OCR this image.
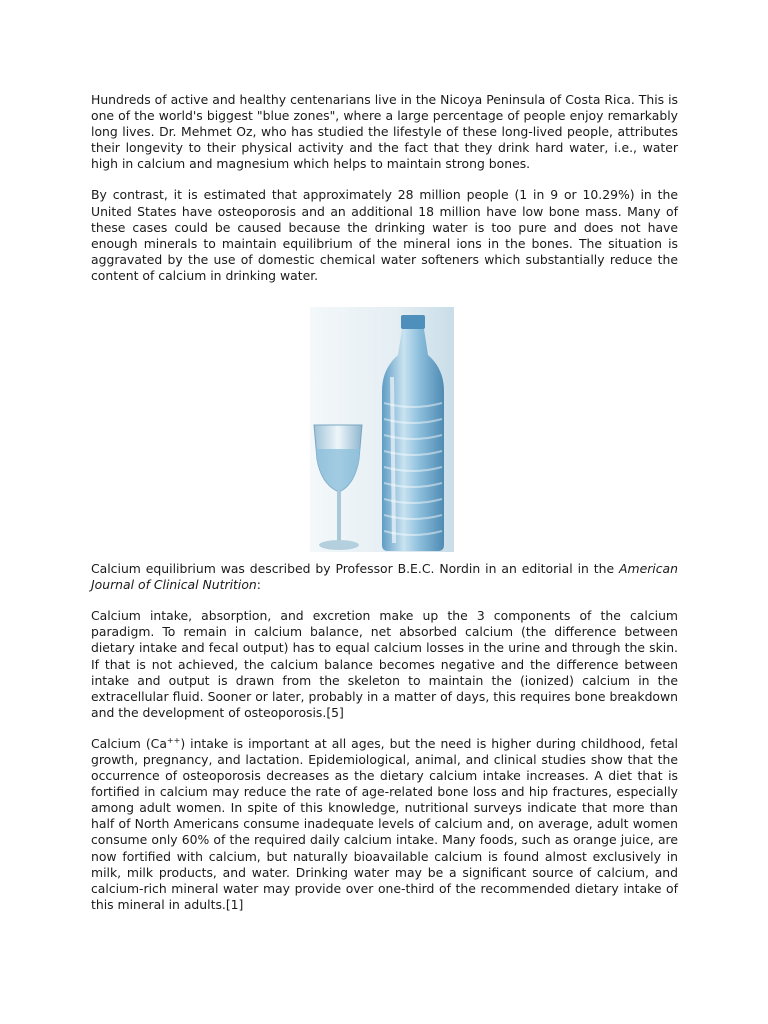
Hundreds of active and healthy centenarians live in the Nicoya Peninsula of Costa Rica. This is one of the world's biggest "blue zones", where a large percentage of people enjoy remarkably long lives. Dr. Mehmet Oz, who has studied the lifestyle of these long-lived people, attributes their longevity to their physical activity and the fact that they drink hard water, i.e., water high in calcium and magnesium which helps to maintain strong bones.

By contrast, it is estimated that approximately 28 million people (1 in 9 or 10.29%) in the United States have osteoporosis and an additional 18 million have low bone mass. Many of these cases could be caused because the drinking water is too pure and does not have enough minerals to maintain equilibrium of the mineral ions in the bones. The situation is aggravated by the use of domestic chemical water softeners which substantially reduce the content of calcium in drinking water.

Calcium equilibrium was described by Professor B.E.C. Nordin in an editorial in the American Journal of Clinical Nutrition:

Calcium intake, absorption, and excretion make up the 3 components of the calcium paradigm. To remain in calcium balance, net absorbed calcium (the difference between dietary intake and fecal output) has to equal calcium losses in the urine and through the skin. If that is not achieved, the calcium balance becomes negative and the difference between intake and output is drawn from the skeleton to maintain the (ionized) calcium in the extracellular fluid. Sooner or later, probably in a matter of days, this requires bone breakdown and the development of osteoporosis.[5]

Calcium (Ca++) intake is important at all ages, but the need is higher during childhood, fetal growth, pregnancy, and lactation. Epidemiological, animal, and clinical studies show that the occurrence of osteoporosis decreases as the dietary calcium intake increases. A diet that is fortified in calcium may reduce the rate of age-related bone loss and hip fractures, especially among adult women. In spite of this knowledge, nutritional surveys indicate that more than half of North Americans consume inadequate levels of calcium and, on average, adult women consume only 60% of the required daily calcium intake. Many foods, such as orange juice, are now fortified with calcium, but naturally bioavailable calcium is found almost exclusively in milk, milk products, and water. Drinking water may be a significant source of calcium, and calcium-rich mineral water may provide over one-third of the recommended dietary intake of this mineral in adults.[1]
